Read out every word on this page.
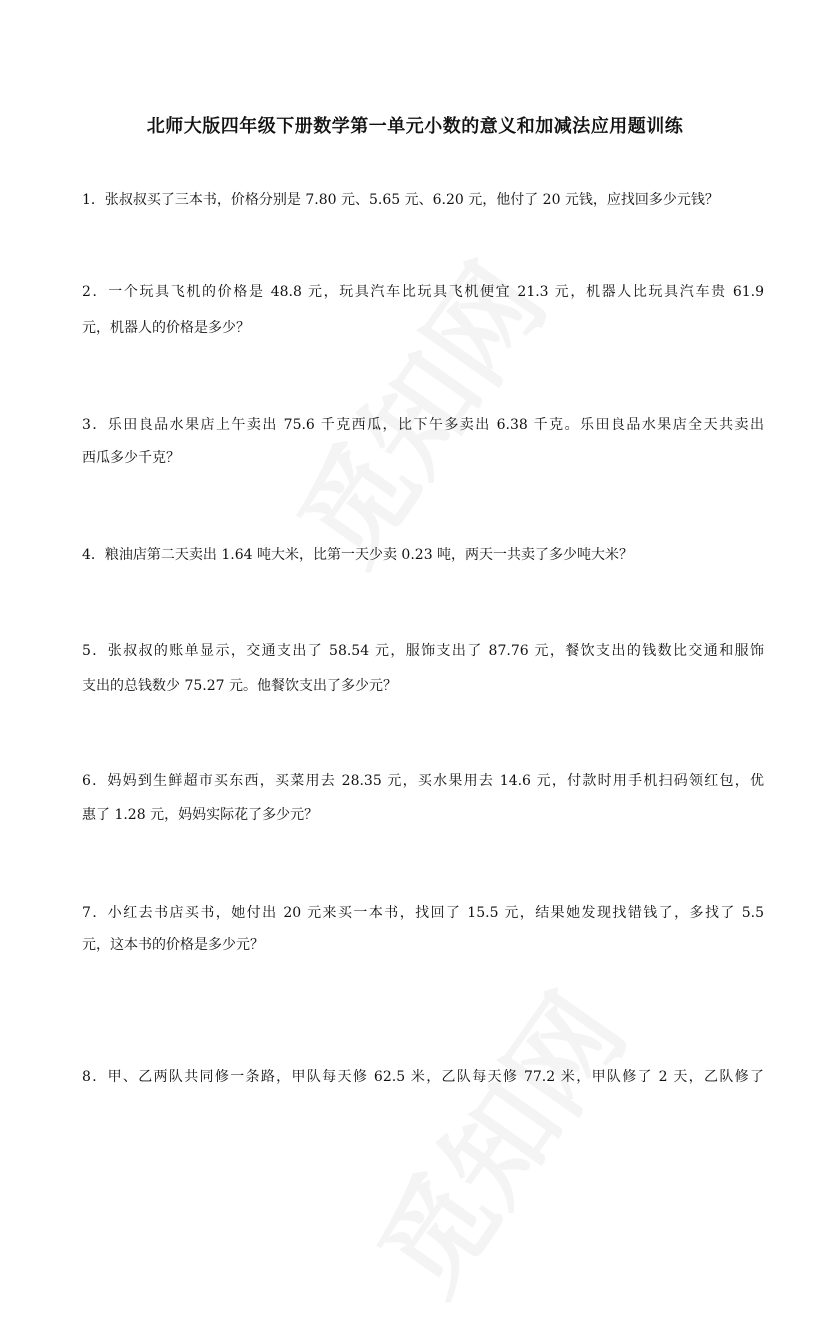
北师大版四年级下册数学第一单元小数的意义和加减法应用题训练
1．张叔叔买了三本书，价格分别是 7.80 元、5.65 元、6.20 元，他付了 20 元钱，应找回多少元钱？
2．一个玩具飞机的价格是 48.8 元，玩具汽车比玩具飞机便宜 21.3 元，机器人比玩具汽车贵 61.9
元，机器人的价格是多少？
3．乐田良品水果店上午卖出 75.6 千克西瓜，比下午多卖出 6.38 千克。乐田良品水果店全天共卖出
西瓜多少千克？
4．粮油店第二天卖出 1.64 吨大米，比第一天少卖 0.23 吨，两天一共卖了多少吨大米？
5．张叔叔的账单显示，交通支出了 58.54 元，服饰支出了 87.76 元，餐饮支出的钱数比交通和服饰
支出的总钱数少 75.27 元。他餐饮支出了多少元？
6．妈妈到生鲜超市买东西，买菜用去 28.35 元，买水果用去 14.6 元，付款时用手机扫码领红包，优
惠了 1.28 元，妈妈实际花了多少元？
7．小红去书店买书，她付出 20 元来买一本书，找回了 15.5 元，结果她发现找错钱了，多找了 5.5
元，这本书的价格是多少元？
8．甲、乙两队共同修一条路，甲队每天修 62.5 米，乙队每天修 77.2 米，甲队修了 2 天，乙队修了
